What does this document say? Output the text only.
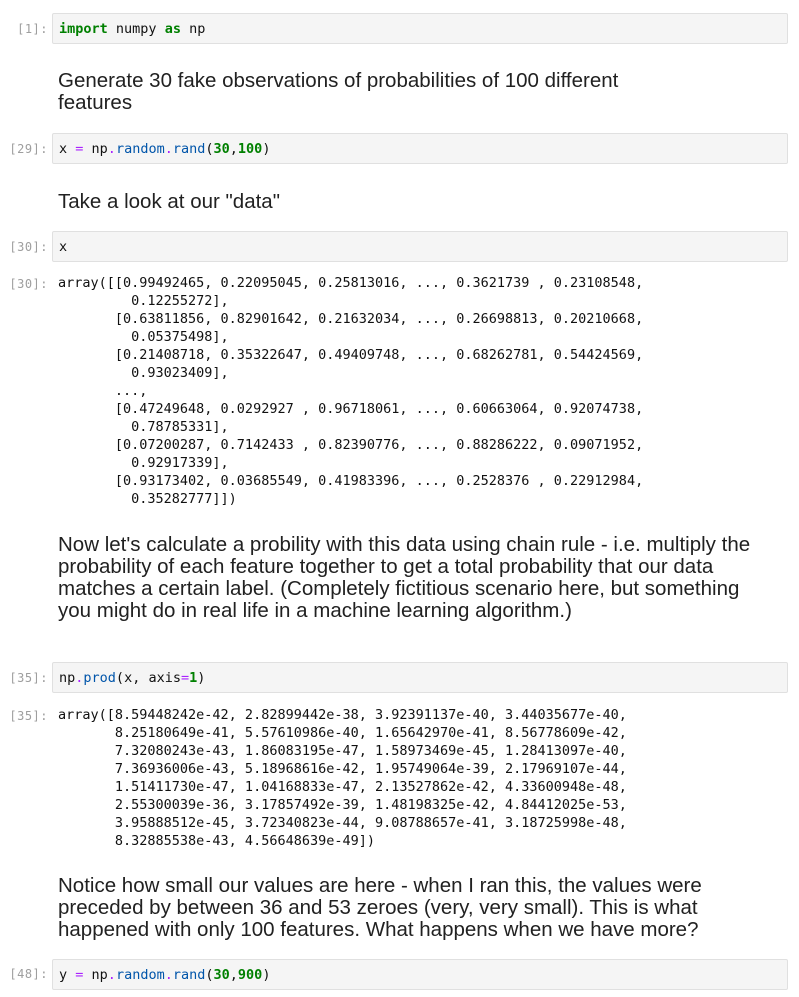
[1]: import numpy as np

Generate 30 fake observations of probabilities of 100 different features

[29]: x = np . random . rand ( 30 , 100 )

Take a look at our "data"

[30]: x
[30]: array([[0.99492465, 0.22095045, 0.25813016, ..., 0.3621739 , 0.23108548,
0.12255272],
[0.63811856, 0.82901642, 0.21632034, ..., 0.26698813, 0.20210668,
0.05375498],
[0.21408718, 0.35322647, 0.49409748, ..., 0.68262781, 0.54424569,
0.93023409],
...,
[0.47249648, 0.0292927 , 0.96718061, ..., 0.60663064, 0.92074738,
0.78785331],
[0.07200287, 0.7142433 , 0.82390776, ..., 0.88286222, 0.09071952,
0.92917339],
[0.93173402, 0.03685549, 0.41983396, ..., 0.2528376 , 0.22912984,
0.35282777]])

Now let's calculate a probility with this data using chain rule - i.e. multiply the probability of each feature together to get a total probability that our data matches a certain label. (Completely fictitious scenario here, but something you might do in real life in a machine learning algorithm.)

[35]: np . prod ( x, axis = 1 )
[35]: array([8.59448242e-42, 2.82899442e-38, 3.92391137e-40, 3.44035677e-40,
8.25180649e-41, 5.57610986e-40, 1.65642970e-41, 8.56778609e-42,
7.32080243e-43, 1.86083195e-47, 1.58973469e-45, 1.28413097e-40,
7.36936006e-43, 5.18968616e-42, 1.95749064e-39, 2.17969107e-44,
1.51411730e-47, 1.04168833e-47, 2.13527862e-42, 4.33600948e-48,
2.55300039e-36, 3.17857492e-39, 1.48198325e-42, 4.84412025e-53,
3.95888512e-45, 3.72340823e-44, 9.08788657e-41, 3.18725998e-48,
8.32885538e-43, 4.56648639e-49])

Notice how small our values are here - when I ran this, the values were preceded by between 36 and 53 zeroes (very, very small). This is what happened with only 100 features. What happens when we have more?

[48]: y = np . random . rand ( 30 , 900 )
